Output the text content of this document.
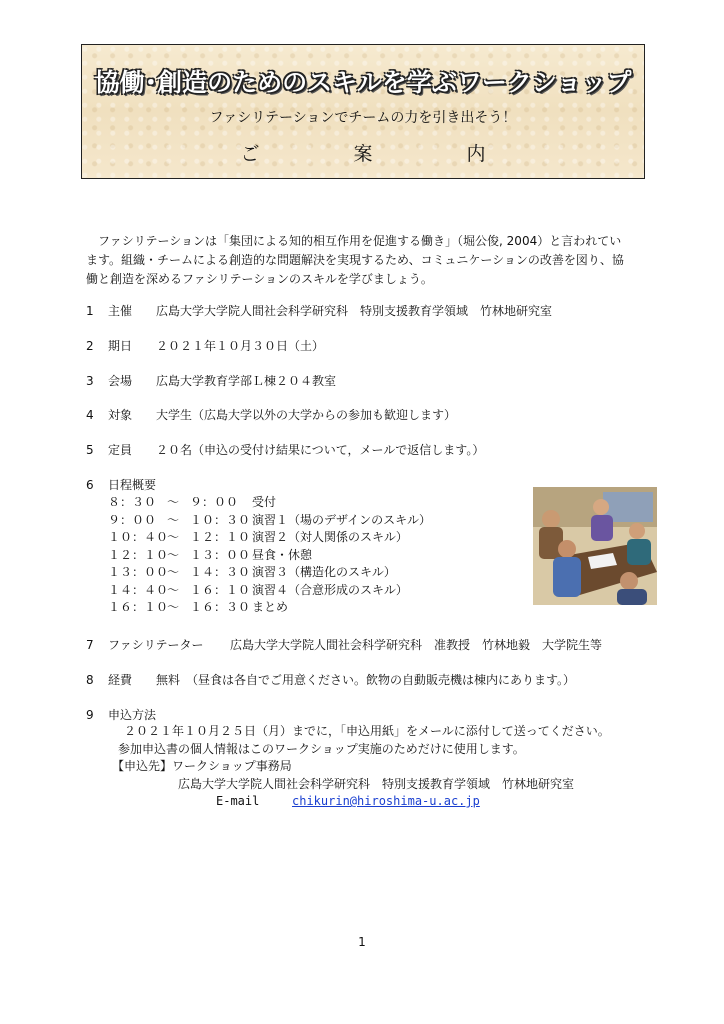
協働･創造のためのスキルを学ぶワークショップ
ファシリテーションでチームの力を引き出そう！
ご 案 内

ファシリテーションは「集団による知的相互作用を促進する働き」（堀公俊, 2004）と言われてい

ます。組織・チームによる創造的な問題解決を実現するため、コミュニケーションの改善を図り、協
働と創造を深めるファシリテーションのスキルを学びましょう。
1 主催 広島大学大学院人間社会科学研究科　特別支援教育学領域　竹林地研究室
2 期日 ２０２１年１０月３０日（土）
3 会場 広島大学教育学部Ｌ棟２０４教室
4 対象 大学生（広島大学以外の大学からの参加も歓迎します）
5 定員 ２０名（申込の受付け結果について，メールで返信します。）
6 日程概要
８：３０ ～ ９：００ 受付
９：００ ～ １０：３０ 演習１（場のデザインのスキル）
１０：４０～ １２：１０ 演習２（対人関係のスキル）
１２：１０～ １３：００ 昼食・休憩
１３：００～ １４：３０ 演習３（構造化のスキル）
１４：４０～ １６：１０ 演習４（合意形成のスキル）
１６：１０～ １６：３０ まとめ
7 ファシリテーター 広島大学大学院人間社会科学研究科　准教授　竹林地毅　大学院生等
8 経費 無料　（昼食は各自でご用意ください。飲物の自動販売機は棟内にあります。）
9 申込方法
２０２１年１０月２５日（月）までに，「申込用紙」をメールに添付して送ってください。
参加申込書の個人情報はこのワークショップ実施のためだけに使用します。
【申込先】ワークショップ事務局
広島大学大学院人間社会科学研究科　特別支援教育学領域　竹林地研究室
E-mail	chikurin@hiroshima-u.ac.jp
1
